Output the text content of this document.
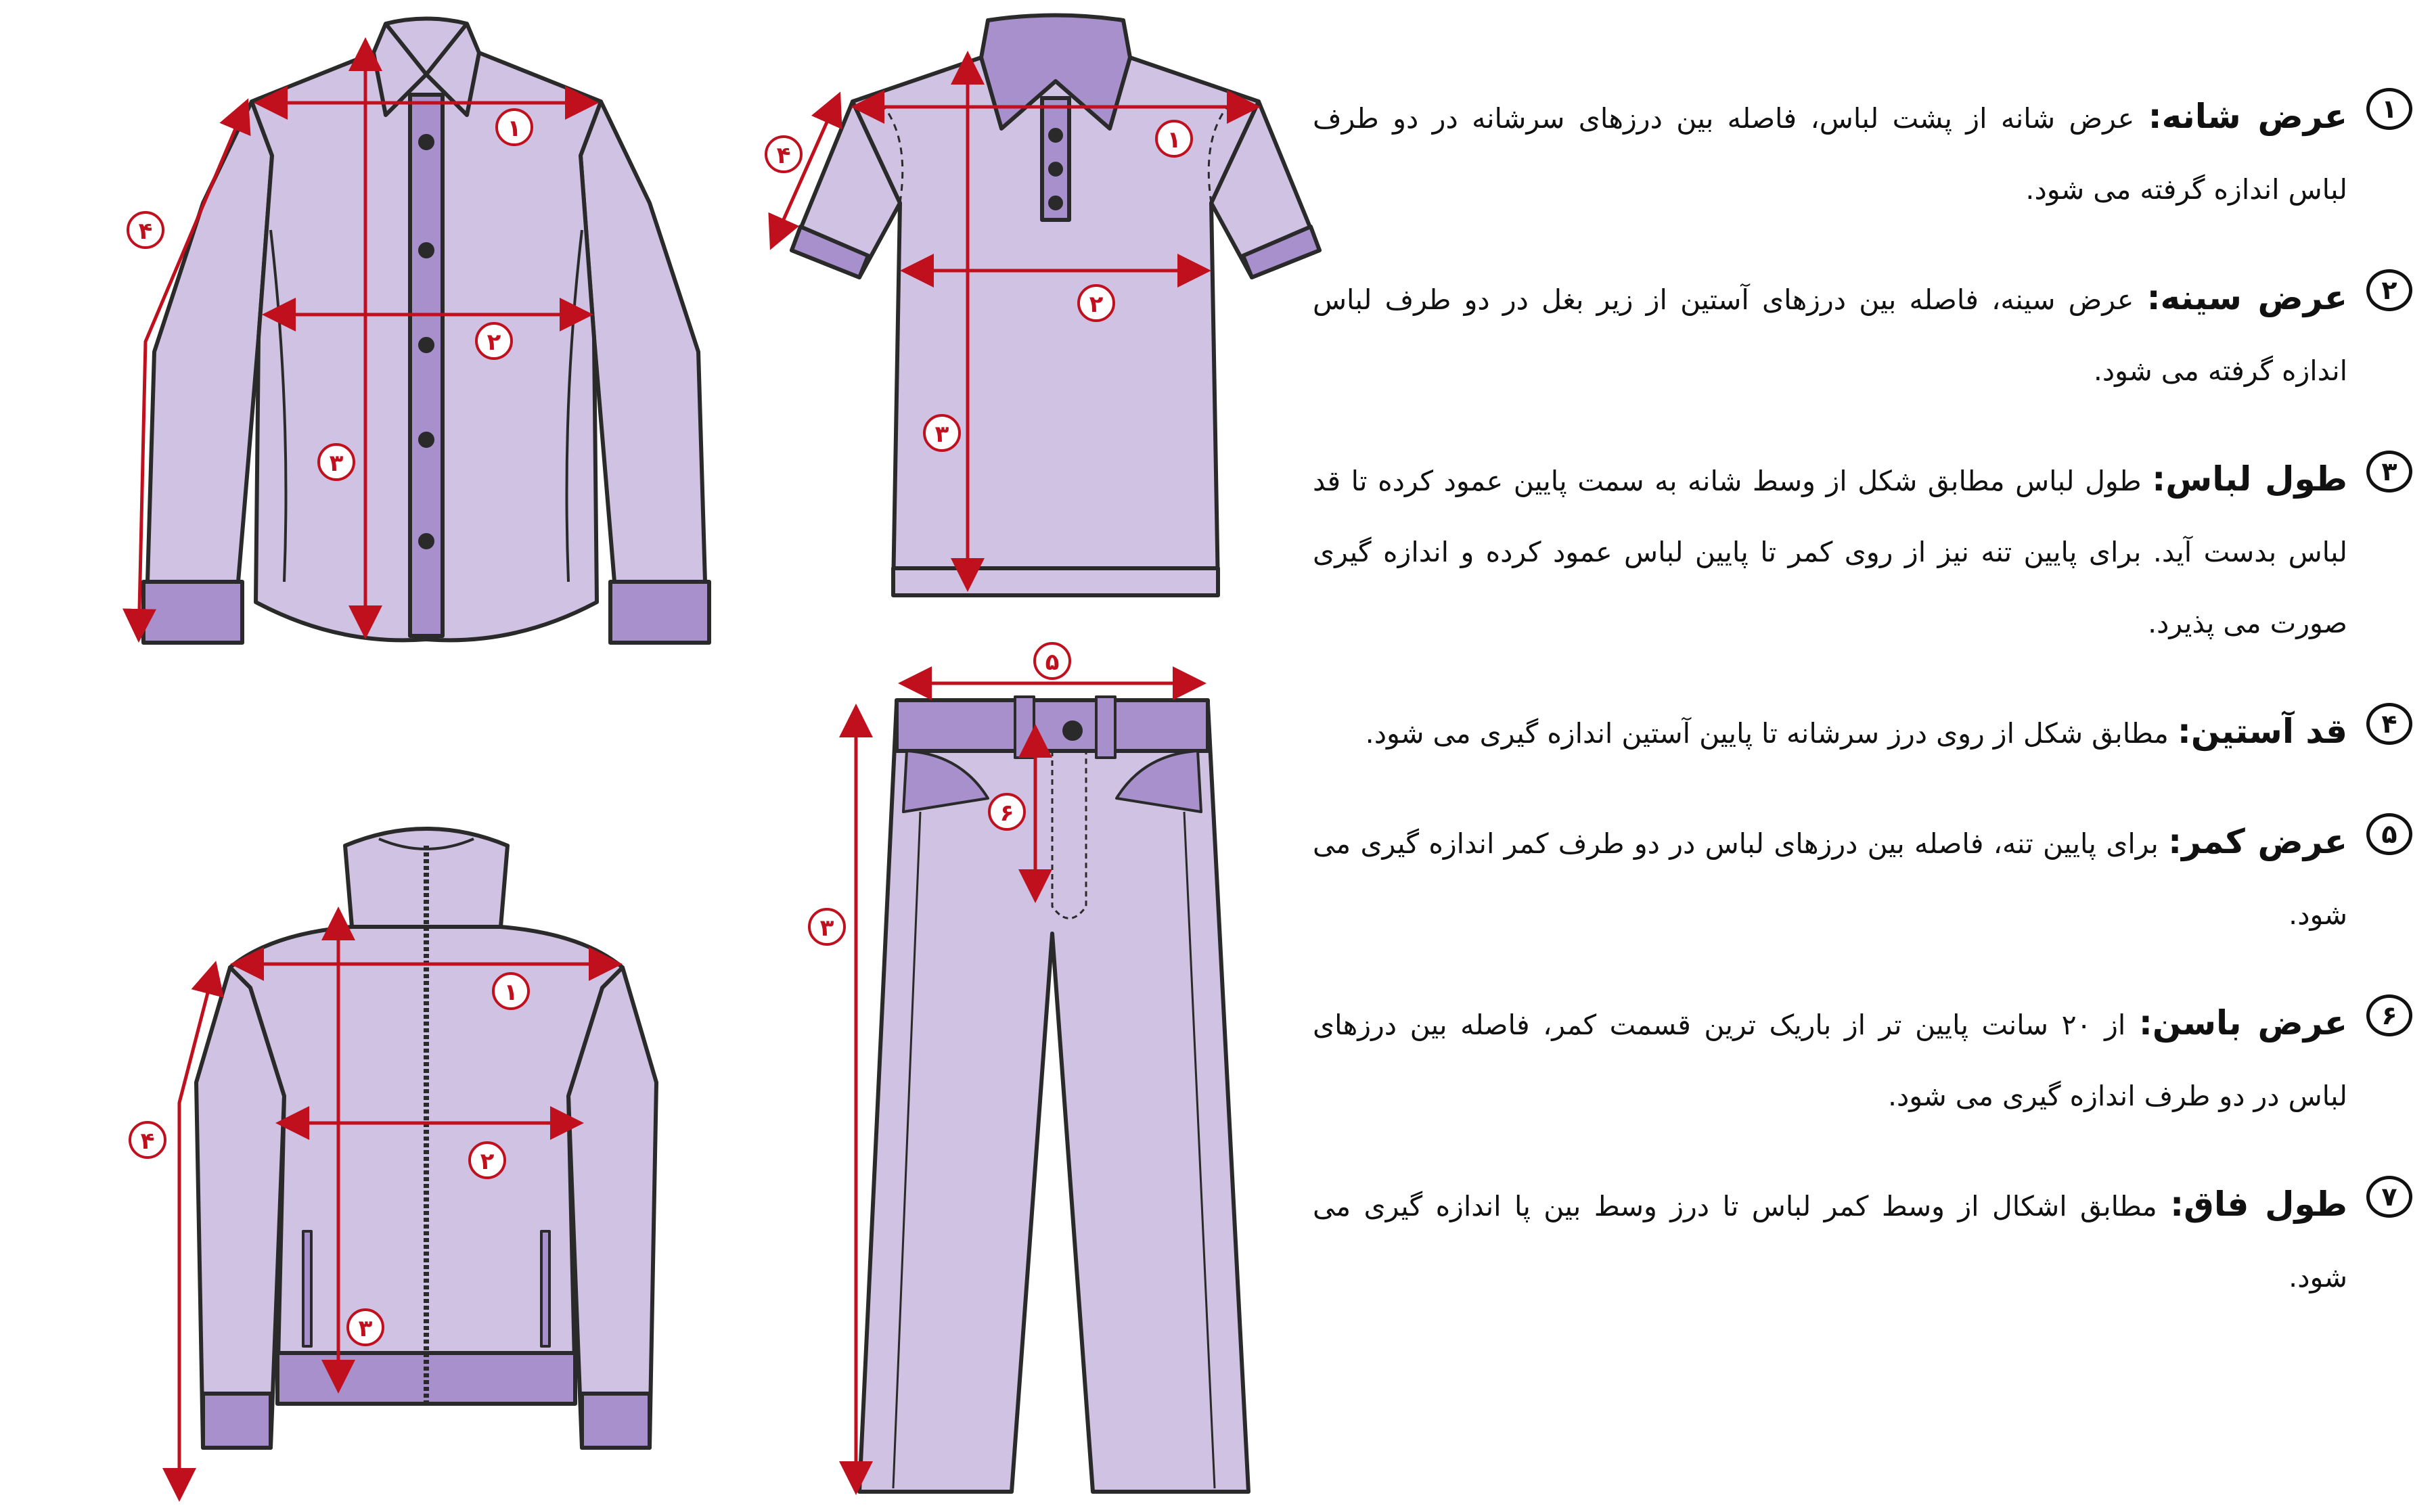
۱
۲
۳
۴
۱
۲
۳
۴
۱
۲
۳
۴
۵
۳
۶
۱
عرض شانه: عرض شانه از پشت لباس، فاصله بین درزهای سرشانه در دو طرف لباس اندازه گرفته می شود.
۲
عرض سینه: عرض سینه، فاصله بین درزهای آستین از زیر بغل در دو طرف لباس اندازه گرفته می شود.
۳
طول لباس: طول لباس مطابق شکل از وسط شانه به سمت پایین عمود کرده تا قد لباس بدست آید. برای پایین تنه نیز از روی کمر تا پایین لباس عمود کرده و اندازه گیری صورت می پذیرد.
۴
قد آستین: مطابق شکل از روی درز سرشانه تا پایین آستین اندازه گیری می شود.
۵
عرض کمر: برای پایین تنه، فاصله بین درزهای لباس در دو طرف کمر اندازه گیری می شود.
۶
عرض باسن: از ۲۰ سانت پایین تر از باریک ترین قسمت کمر، فاصله بین درزهای لباس در دو طرف اندازه گیری می شود.
۷
طول فاق: مطابق اشکال از وسط کمر لباس تا درز وسط بین پا اندازه گیری می شود.
